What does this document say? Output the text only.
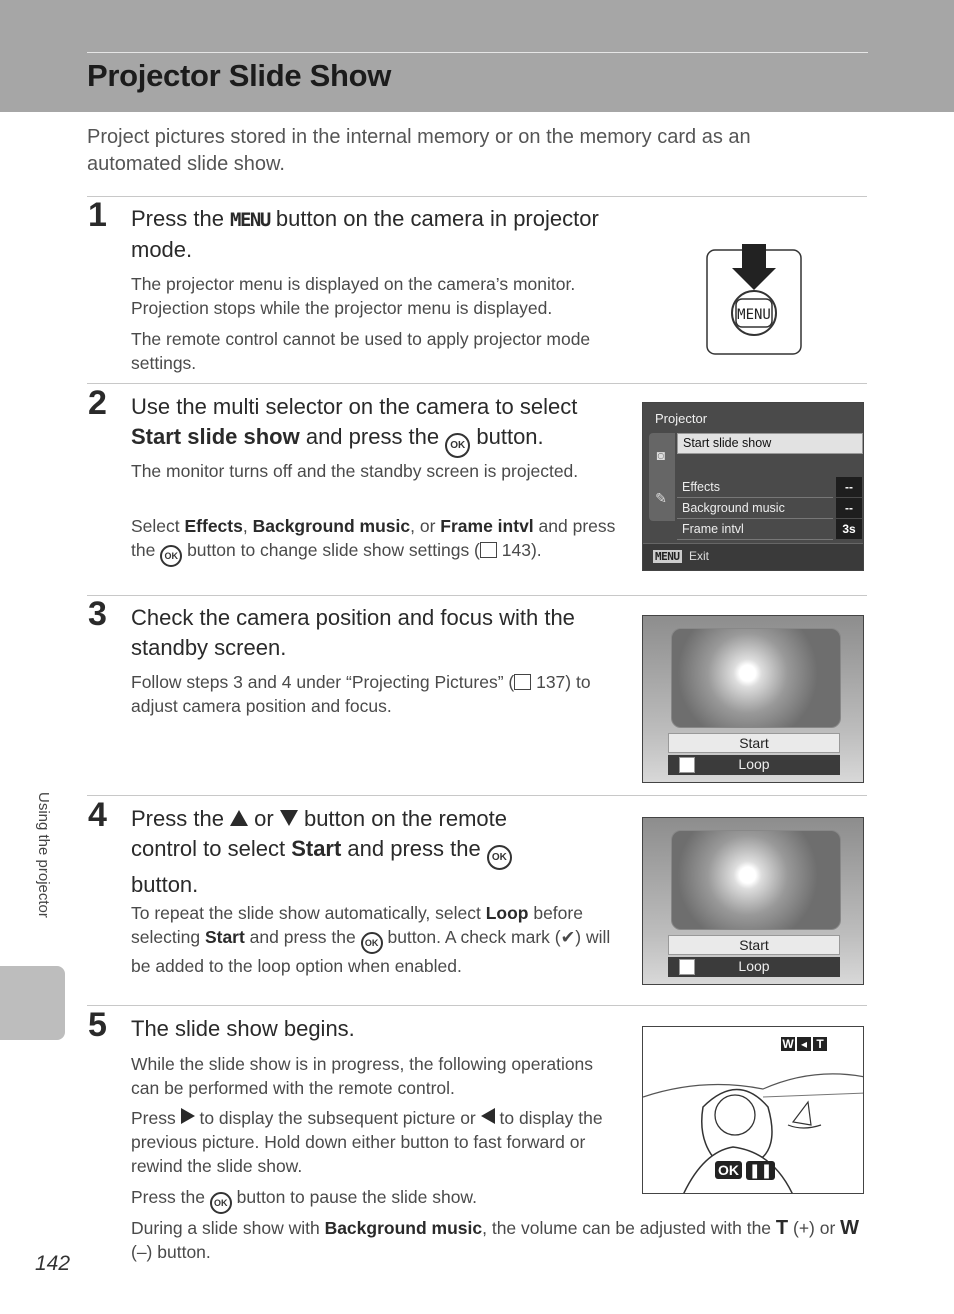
Projector Slide Show

Project pictures stored in the internal memory or on the memory card as an automated slide show.

1 Press the MENU button on the camera in projector mode.

The projector menu is displayed on the camera’s monitor. Projection stops while the projector menu is displayed.

The remote control cannot be used to apply projector mode settings.

MENU
2 Use the multi selector on the camera to select Start slide show and press the OK button.

The monitor turns off and the standby screen is projected.

Select Effects, Background music, or Frame intvl and press the OK button to change slide show settings ( 143).

Projector
◙
✎
Start slide show
Effects	--
Background music	--
Frame intvl	3s
MENU Exit
3 Check the camera position and focus with the standby screen.

Follow steps 3 and 4 under “Projecting Pictures” ( 137) to adjust camera position and focus.

Start
Loop
4 Press the  or  button on the remote control to select Start and press the OK button.

To repeat the slide show automatically, select Loop before selecting Start and press the OK button. A check mark (✔) will be added to the loop option when enabled.

Start
Loop
5 The slide show begins.

While the slide show is in progress, the following operations can be performed with the remote control.

Press  to display the subsequent picture or  to display the previous picture. Hold down either button to fast forward or rewind the slide show.

Press the OK button to pause the slide show.

During a slide show with Background music, the volume can be adjusted with the T (+) or W (–) button.

W ◂ T
OK ❚❚
Using the projector
142
